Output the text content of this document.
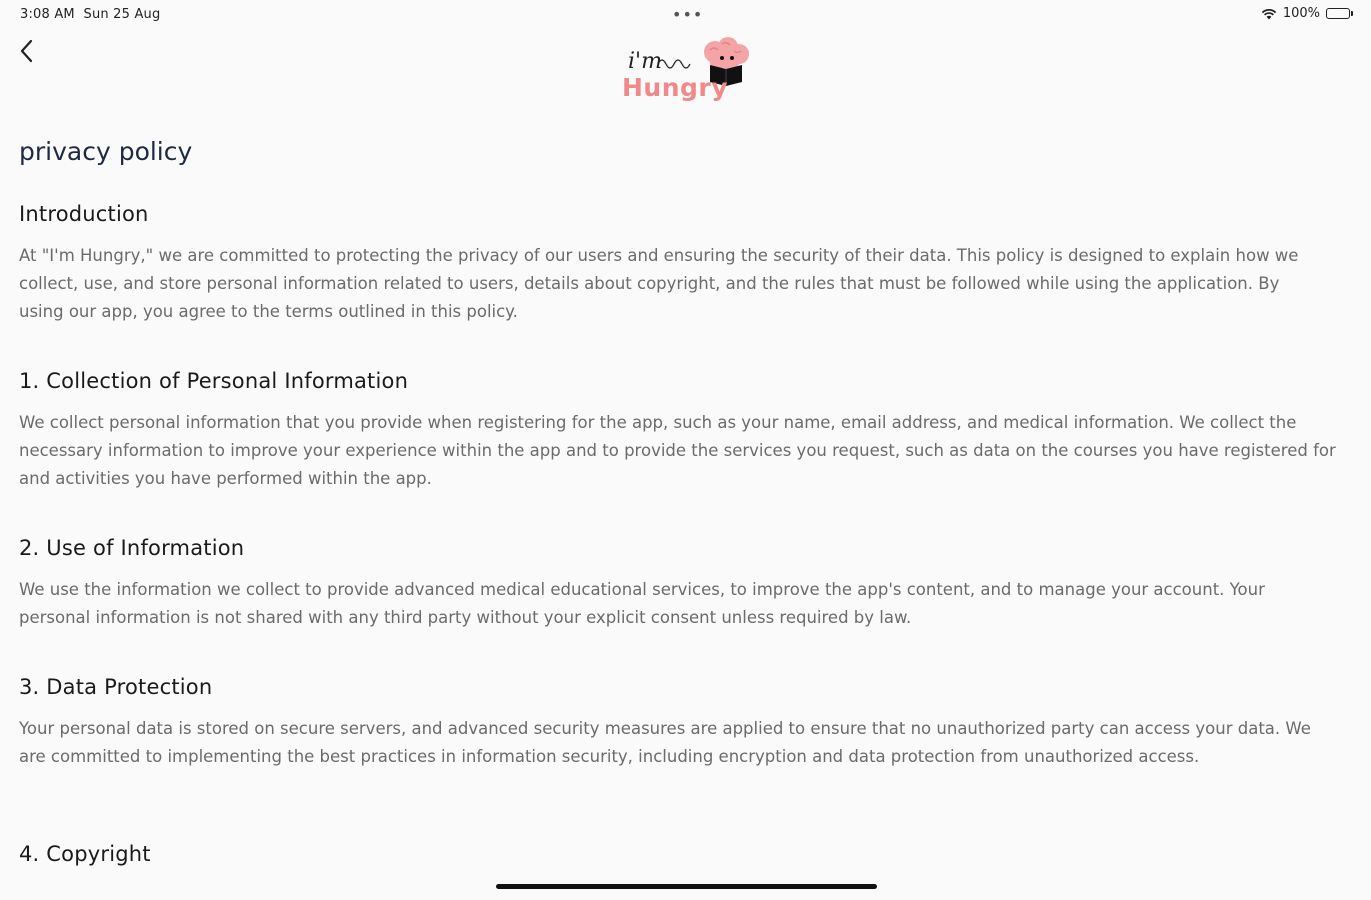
3:08 AM Sun 25 Aug	•••	100%
i'm
Hungry
privacy policy
Introduction

At "I'm Hungry," we are committed to protecting the privacy of our users and ensuring the security of their data. This policy is designed to explain how we collect, use, and store personal information related to users, details about copyright, and the rules that must be followed while using the application. By using our app, you agree to the terms outlined in this policy.

1. Collection of Personal Information

We collect personal information that you provide when registering for the app, such as your name, email address, and medical information. We collect the necessary information to improve your experience within the app and to provide the services you request, such as data on the courses you have registered for and activities you have performed within the app.

2. Use of Information

We use the information we collect to provide advanced medical educational services, to improve the app's content, and to manage your account. Your personal information is not shared with any third party without your explicit consent unless required by law.

3. Data Protection

Your personal data is stored on secure servers, and advanced security measures are applied to ensure that no unauthorized party can access your data. We are committed to implementing the best practices in information security, including encryption and data protection from unauthorized access.

4. Copyright
